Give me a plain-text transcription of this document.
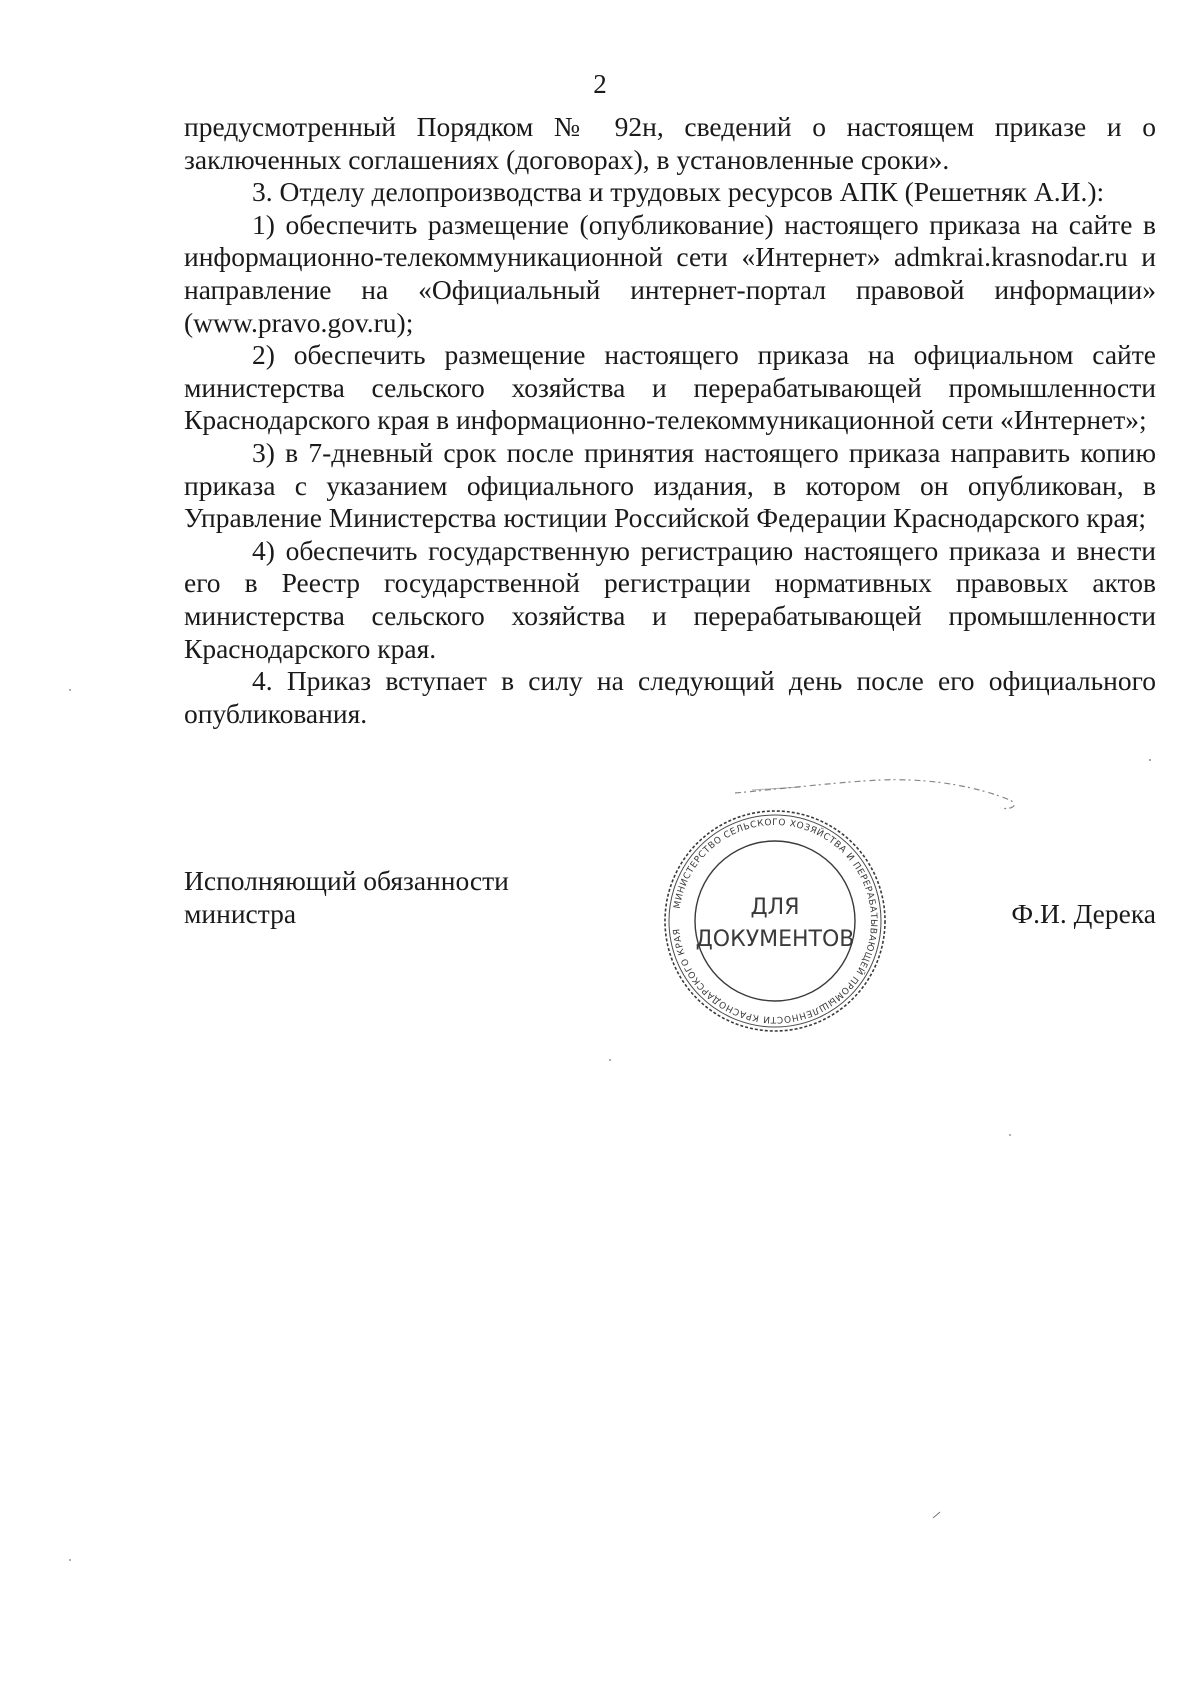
2

предусмотренный Порядком № 92н, сведений о настоящем приказе и о заключенных соглашениях (договорах), в установленные сроки».

3. Отделу делопроизводства и трудовых ресурсов АПК (Решетняк А.И.):

1) обеспечить размещение (опубликование) настоящего приказа на сайте в информационно-телекоммуникационной сети «Интернет» admkrai.krasnodar.ru и направление на «Официальный интернет-портал правовой информации» (www.pravo.gov.ru);

2) обеспечить размещение настоящего приказа на официальном сайте министерства сельского хозяйства и перерабатывающей промышленности Краснодарского края в информационно-телекоммуникационной сети «Интернет»;

3) в 7-дневный срок после принятия настоящего приказа направить копию приказа с указанием официального издания, в котором он опубликован, в Управление Министерства юстиции Российской Федерации Краснодарского края;

4) обеспечить государственную регистрацию настоящего приказа и внести его в Реестр государственной регистрации нормативных правовых актов министерства сельского хозяйства и перерабатывающей промышленности Краснодарского края.

4. Приказ вступает в силу на следующий день после его официального опубликования.

Исполняющий обязанности
министра	Ф.И. Дерека
МИНИСТЕРСТВО СЕЛЬСКОГО ХОЗЯЙСТВА И ПЕРЕРАБАТЫВАЮЩЕЙ ПРОМЫШЛЕННОСТИ КРАСНОДАРСКОГО КРАЯ
ДЛЯ
ДОКУМЕНТОВ
